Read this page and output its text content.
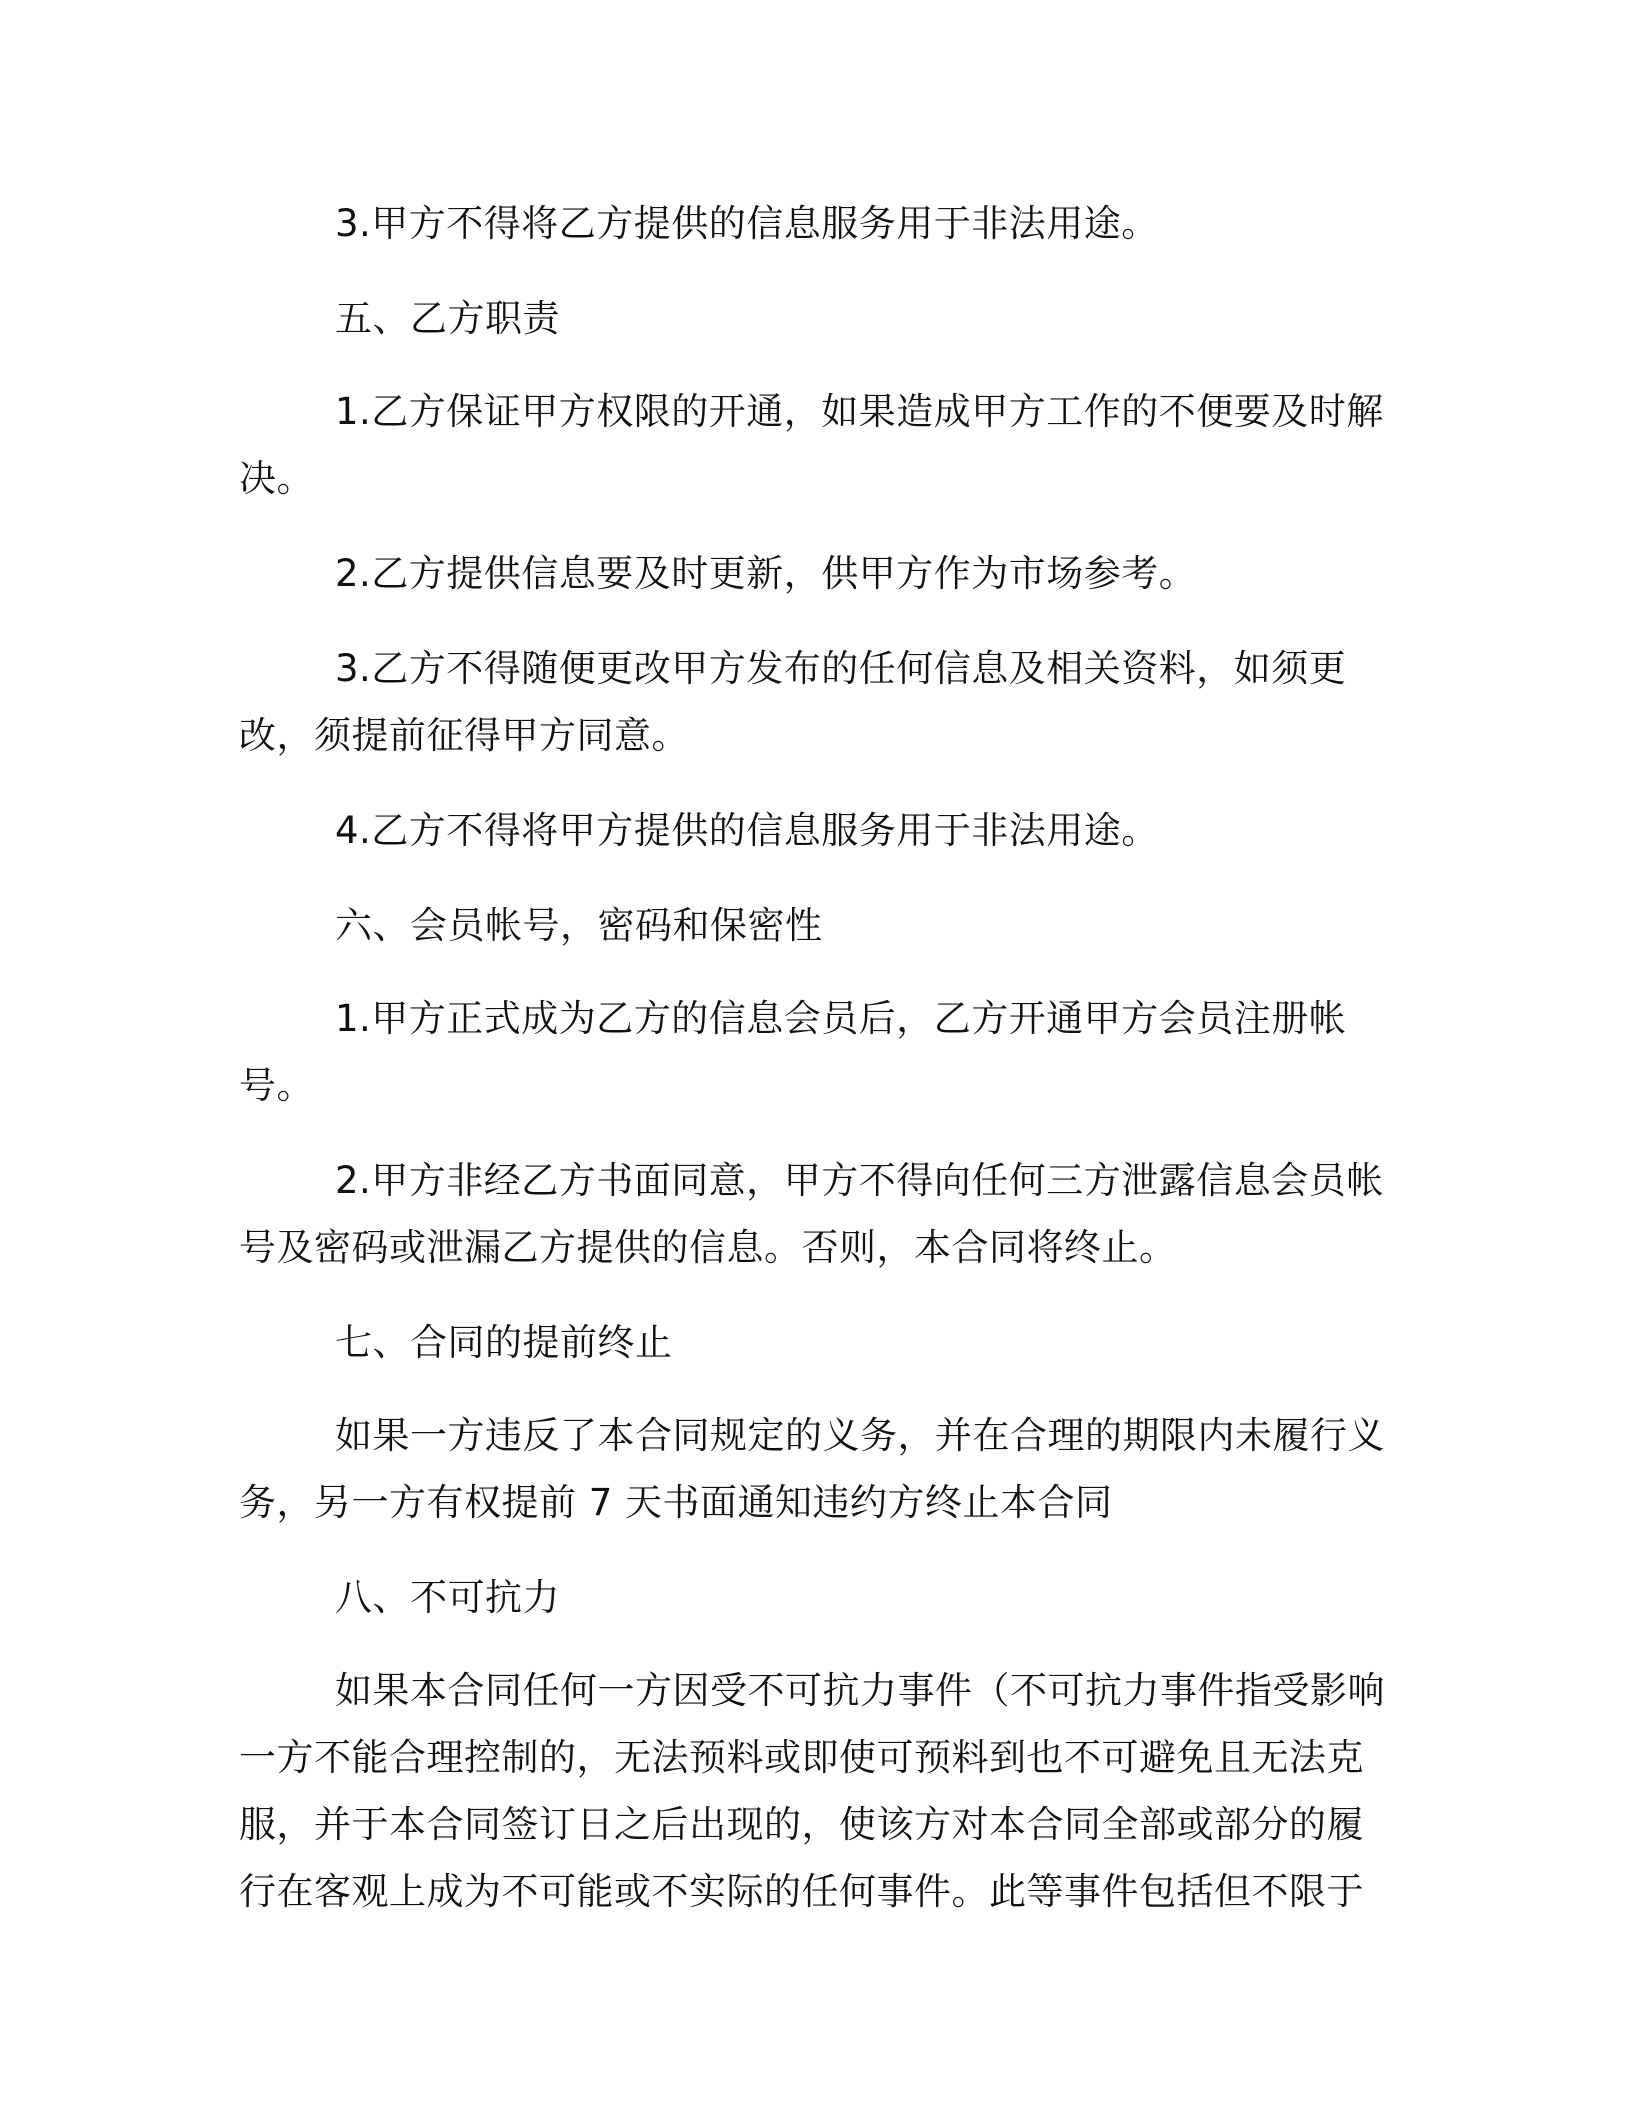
3.甲方不得将乙方提供的信息服务用于非法用途。

五、乙方职责

1.乙方保证甲方权限的开通，如果造成甲方工作的不便要及时解决。

2.乙方提供信息要及时更新，供甲方作为市场参考。

3.乙方不得随便更改甲方发布的任何信息及相关资料，如须更改，须提前征得甲方同意。

4.乙方不得将甲方提供的信息服务用于非法用途。

六、会员帐号，密码和保密性

1.甲方正式成为乙方的信息会员后，乙方开通甲方会员注册帐号。

2.甲方非经乙方书面同意，甲方不得向任何三方泄露信息会员帐号及密码或泄漏乙方提供的信息。否则，本合同将终止。

七、合同的提前终止

如果一方违反了本合同规定的义务，并在合理的期限内未履行义务，另一方有权提前 7 天书面通知违约方终止本合同

八、不可抗力

如果本合同任何一方因受不可抗力事件（不可抗力事件指受影响一方不能合理控制的，无法预料或即使可预料到也不可避免且无法克服，并于本合同签订日之后出现的，使该方对本合同全部或部分的履行在客观上成为不可能或不实际的任何事件。此等事件包括但不限于
